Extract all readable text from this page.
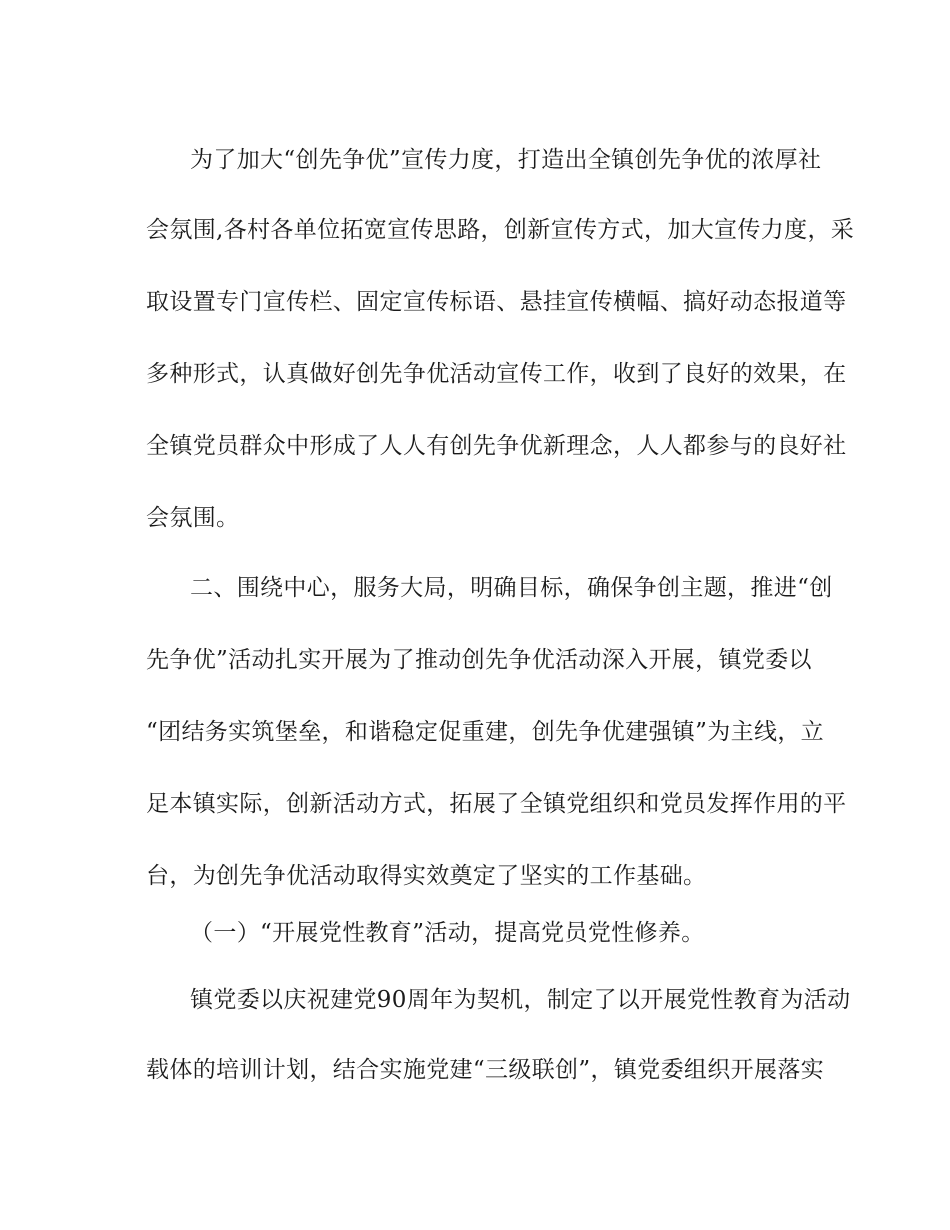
为了加大“创先争优”宣传力度，打造出全镇创先争优的浓厚社
会氛围,各村各单位拓宽宣传思路，创新宣传方式，加大宣传力度，采
取设置专门宣传栏、固定宣传标语、悬挂宣传横幅、搞好动态报道等
多种形式，认真做好创先争优活动宣传工作，收到了良好的效果，在
全镇党员群众中形成了人人有创先争优新理念，人人都参与的良好社
会氛围。
二、围绕中心，服务大局，明确目标，确保争创主题，推进“创
先争优”活动扎实开展为了推动创先争优活动深入开展，镇党委以
“团结务实筑堡垒，和谐稳定促重建，创先争优建强镇”为主线，立
足本镇实际，创新活动方式，拓展了全镇党组织和党员发挥作用的平
台，为创先争优活动取得实效奠定了坚实的工作基础。
（一）“开展党性教育”活动，提高党员党性修养。
镇党委以庆祝建党90周年为契机，制定了以开展党性教育为活动
载体的培训计划，结合实施党建“三级联创”，镇党委组织开展落实
